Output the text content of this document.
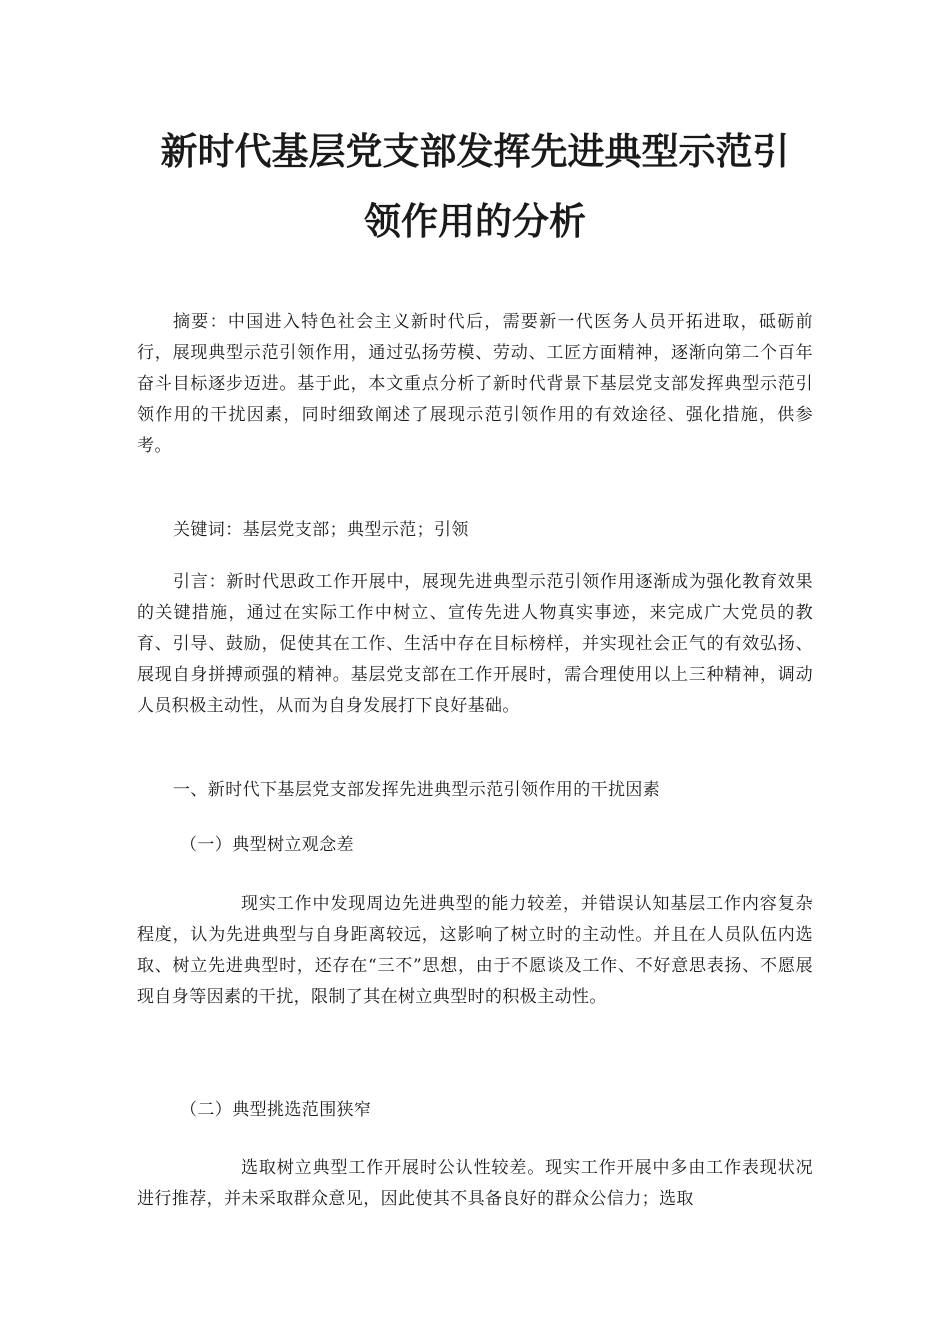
新时代基层党支部发挥先进典型示范引
领作用的分析

摘要：中国进入特色社会主义新时代后，需要新一代医务人员开拓进取，砥砺前行，展现典型示范引领作用，通过弘扬劳模、劳动、工匠方面精神，逐渐向第二个百年奋斗目标逐步迈进。基于此，本文重点分析了新时代背景下基层党支部发挥典型示范引领作用的干扰因素，同时细致阐述了展现示范引领作用的有效途径、强化措施，供参考。

关键词：基层党支部；典型示范；引领

引言：新时代思政工作开展中，展现先进典型示范引领作用逐渐成为强化教育效果的关键措施，通过在实际工作中树立、宣传先进人物真实事迹，来完成广大党员的教育、引导、鼓励，促使其在工作、生活中存在目标榜样，并实现社会正气的有效弘扬、展现自身拼搏顽强的精神。基层党支部在工作开展时，需合理使用以上三种精神，调动人员积极主动性，从而为自身发展打下良好基础。

一、新时代下基层党支部发挥先进典型示范引领作用的干扰因素

（一）典型树立观念差

现实工作中发现周边先进典型的能力较差，并错误认知基层工作内容复杂程度，认为先进典型与自身距离较远，这影响了树立时的主动性。并且在人员队伍内选取、树立先进典型时，还存在“三不”思想，由于不愿谈及工作、不好意思表扬、不愿展现自身等因素的干扰，限制了其在树立典型时的积极主动性。

（二）典型挑选范围狭窄

选取树立典型工作开展时公认性较差。现实工作开展中多由工作表现状况进行推荐，并未采取群众意见，因此使其不具备良好的群众公信力；选取
